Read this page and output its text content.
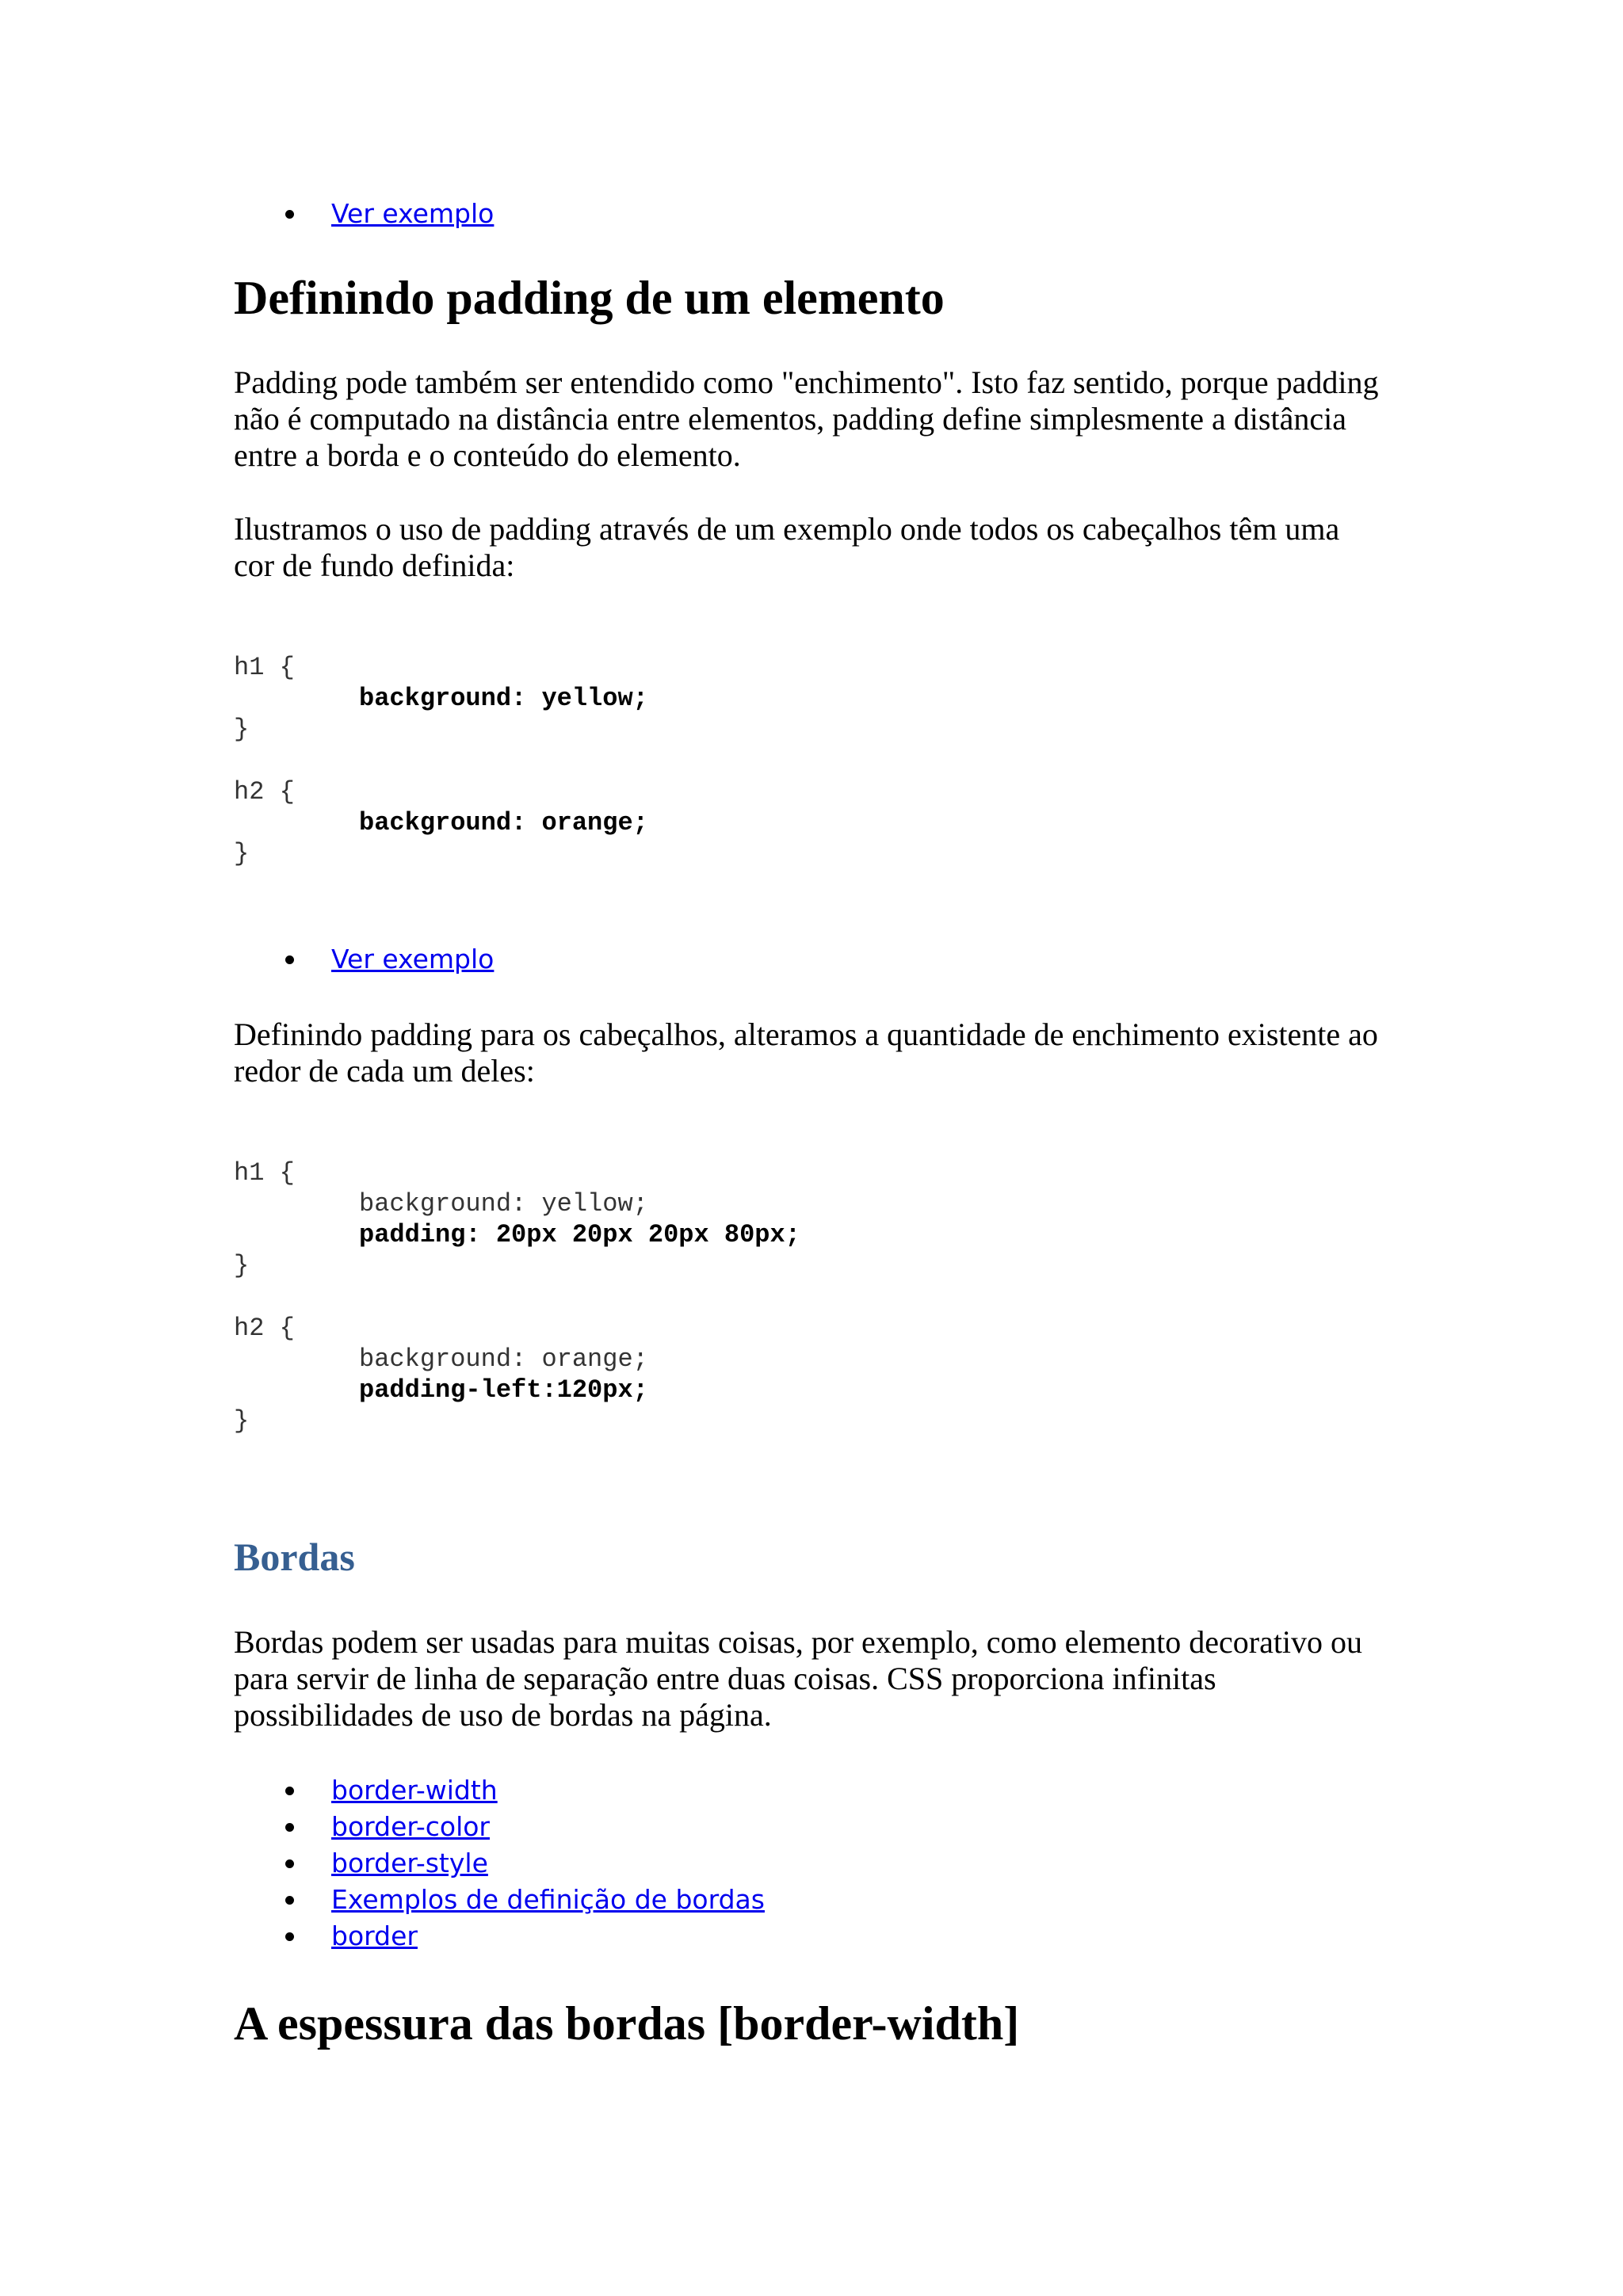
Ver exemplo
Definindo padding de um elemento
Padding pode também ser entendido como "enchimento". Isto faz sentido, porque padding
não é computado na distância entre elementos, padding define simplesmente a distância
entre a borda e o conteúdo do elemento.
Ilustramos o uso de padding através de um exemplo onde todos os cabeçalhos têm uma
cor de fundo definida:
h1 {
background: yellow;
}
h2 {
background: orange;
}
Ver exemplo
Definindo padding para os cabeçalhos, alteramos a quantidade de enchimento existente ao
redor de cada um deles:
h1 {
background: yellow;
padding: 20px 20px 20px 80px;
}
h2 {
background: orange;
padding-left:120px;
}
Bordas
Bordas podem ser usadas para muitas coisas, por exemplo, como elemento decorativo ou
para servir de linha de separação entre duas coisas. CSS proporciona infinitas
possibilidades de uso de bordas na página.
border-width
border-color
border-style
Exemplos de definição de bordas
border
A espessura das bordas [border-width]
